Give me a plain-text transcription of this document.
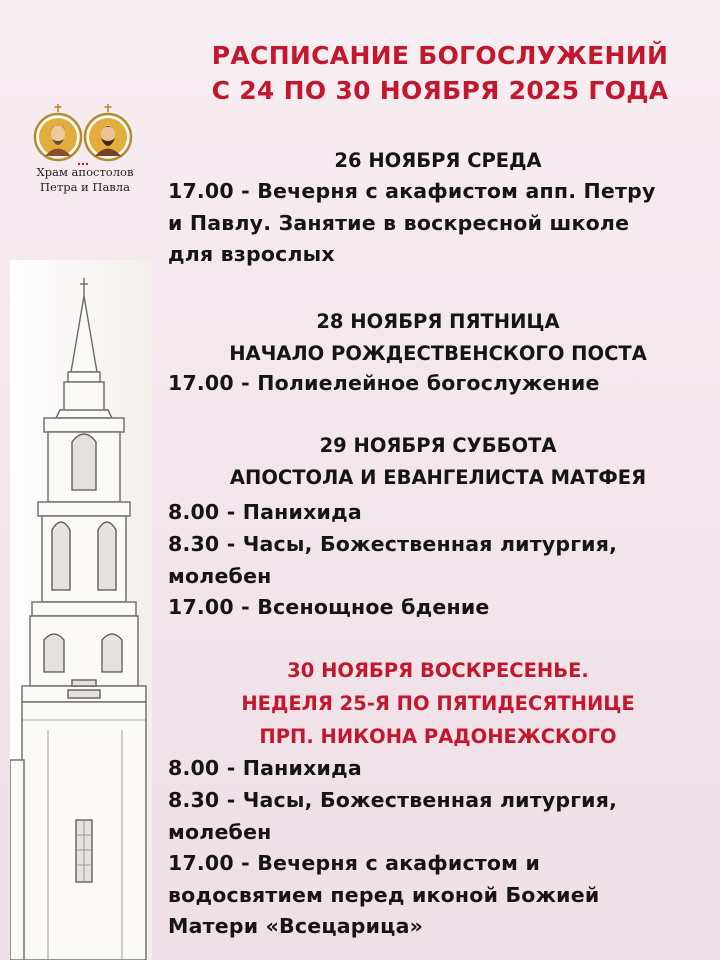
РАСПИСАНИЕ БОГОСЛУЖЕНИЙ
С 24 ПО 30 НОЯБРЯ 2025 ГОДА
Храм апостолов
Петра и Павла
26 НОЯБРЯ СРЕДА
17.00 - Вечерня с акафистом апп. Петру
и Павлу. Занятие в воскресной школе
для взрослых
28 НОЯБРЯ ПЯТНИЦА
НАЧАЛО РОЖДЕСТВЕНСКОГО ПОСТА
17.00 - Полиелейное богослужение
29 НОЯБРЯ СУББОТА
АПОСТОЛА И ЕВАНГЕЛИСТА МАТФЕЯ
8.00 - Панихида
8.30 - Часы, Божественная литургия,
молебен
17.00 - Всенощное бдение
30 НОЯБРЯ ВОСКРЕСЕНЬЕ.
НЕДЕЛЯ 25-Я ПО ПЯТИДЕСЯТНИЦЕ
ПРП. НИКОНА РАДОНЕЖСКОГО
8.00 - Панихида
8.30 - Часы, Божественная литургия,
молебен
17.00 - Вечерня с акафистом и
водосвятием перед иконой Божией
Матери «Всецарица»
